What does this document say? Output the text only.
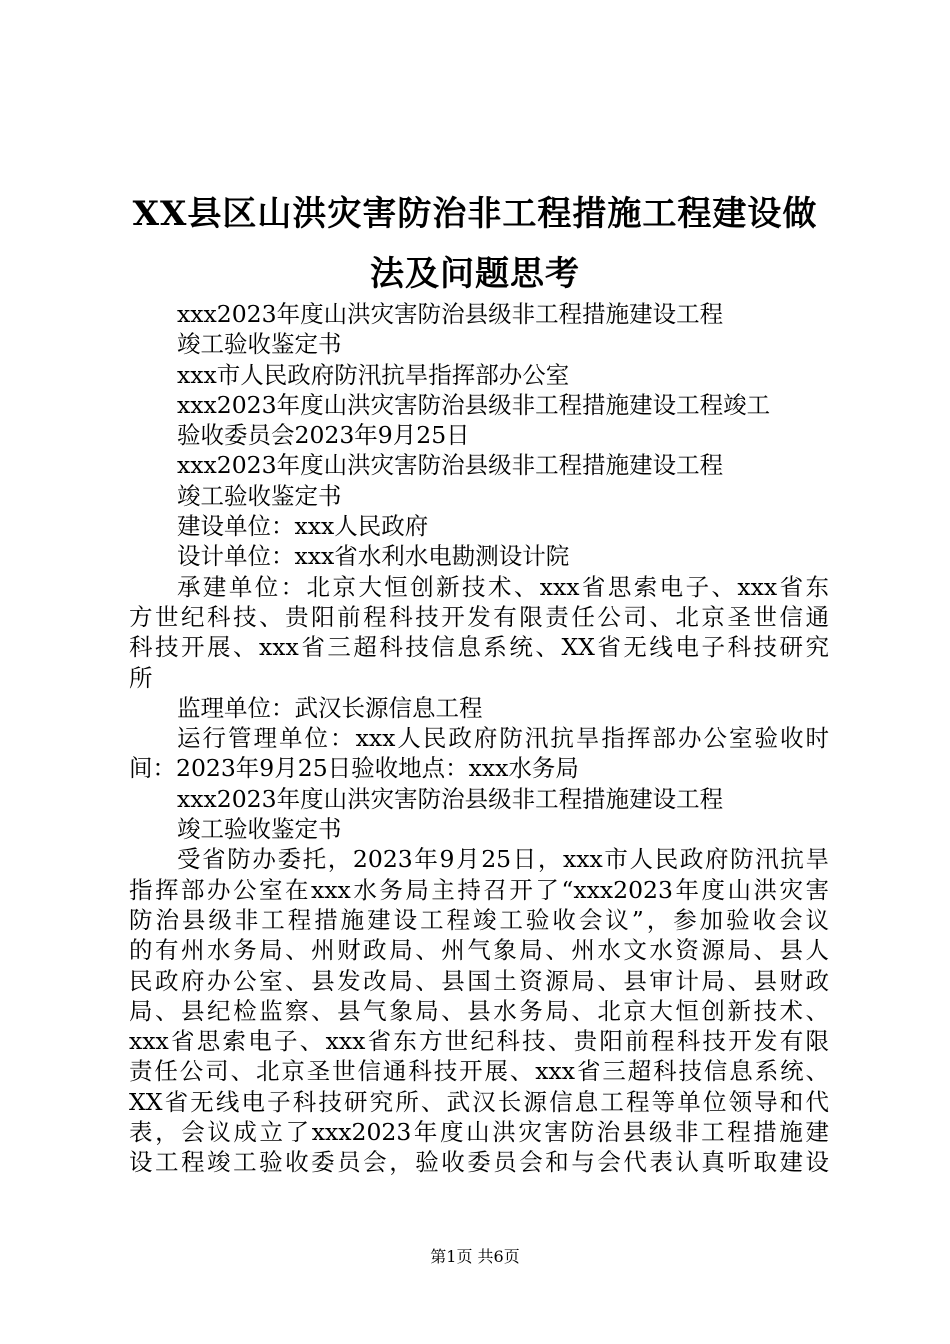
XX县区山洪灾害防治非工程措施工程建设做
法及问题思考
xxx2023年度山洪灾害防治县级非工程措施建设工程
竣工验收鉴定书
xxx市人民政府防汛抗旱指挥部办公室
xxx2023年度山洪灾害防治县级非工程措施建设工程竣工
验收委员会2023年9月25日
xxx2023年度山洪灾害防治县级非工程措施建设工程
竣工验收鉴定书
建设单位：xxx人民政府
设计单位：xxx省水利水电勘测设计院
承建单位：北京大恒创新技术、xxx省思索电子、xxx省东
方世纪科技、贵阳前程科技开发有限责任公司、北京圣世信通
科技开展、xxx省三超科技信息系统、XX省无线电子科技研究
所
监理单位：武汉长源信息工程
运行管理单位：xxx人民政府防汛抗旱指挥部办公室验收时
间：2023年9月25日验收地点：xxx水务局
xxx2023年度山洪灾害防治县级非工程措施建设工程
竣工验收鉴定书
受省防办委托，2023年9月25日，xxx市人民政府防汛抗旱
指挥部办公室在xxx水务局主持召开了“xxx2023年度山洪灾害
防治县级非工程措施建设工程竣工验收会议”，参加验收会议
的有州水务局、州财政局、州气象局、州水文水资源局、县人
民政府办公室、县发改局、县国土资源局、县审计局、县财政
局、县纪检监察、县气象局、县水务局、北京大恒创新技术、
xxx省思索电子、xxx省东方世纪科技、贵阳前程科技开发有限
责任公司、北京圣世信通科技开展、xxx省三超科技信息系统、
XX省无线电子科技研究所、武汉长源信息工程等单位领导和代
表，会议成立了xxx2023年度山洪灾害防治县级非工程措施建
设工程竣工验收委员会，验收委员会和与会代表认真听取建设
第1页 共6页
